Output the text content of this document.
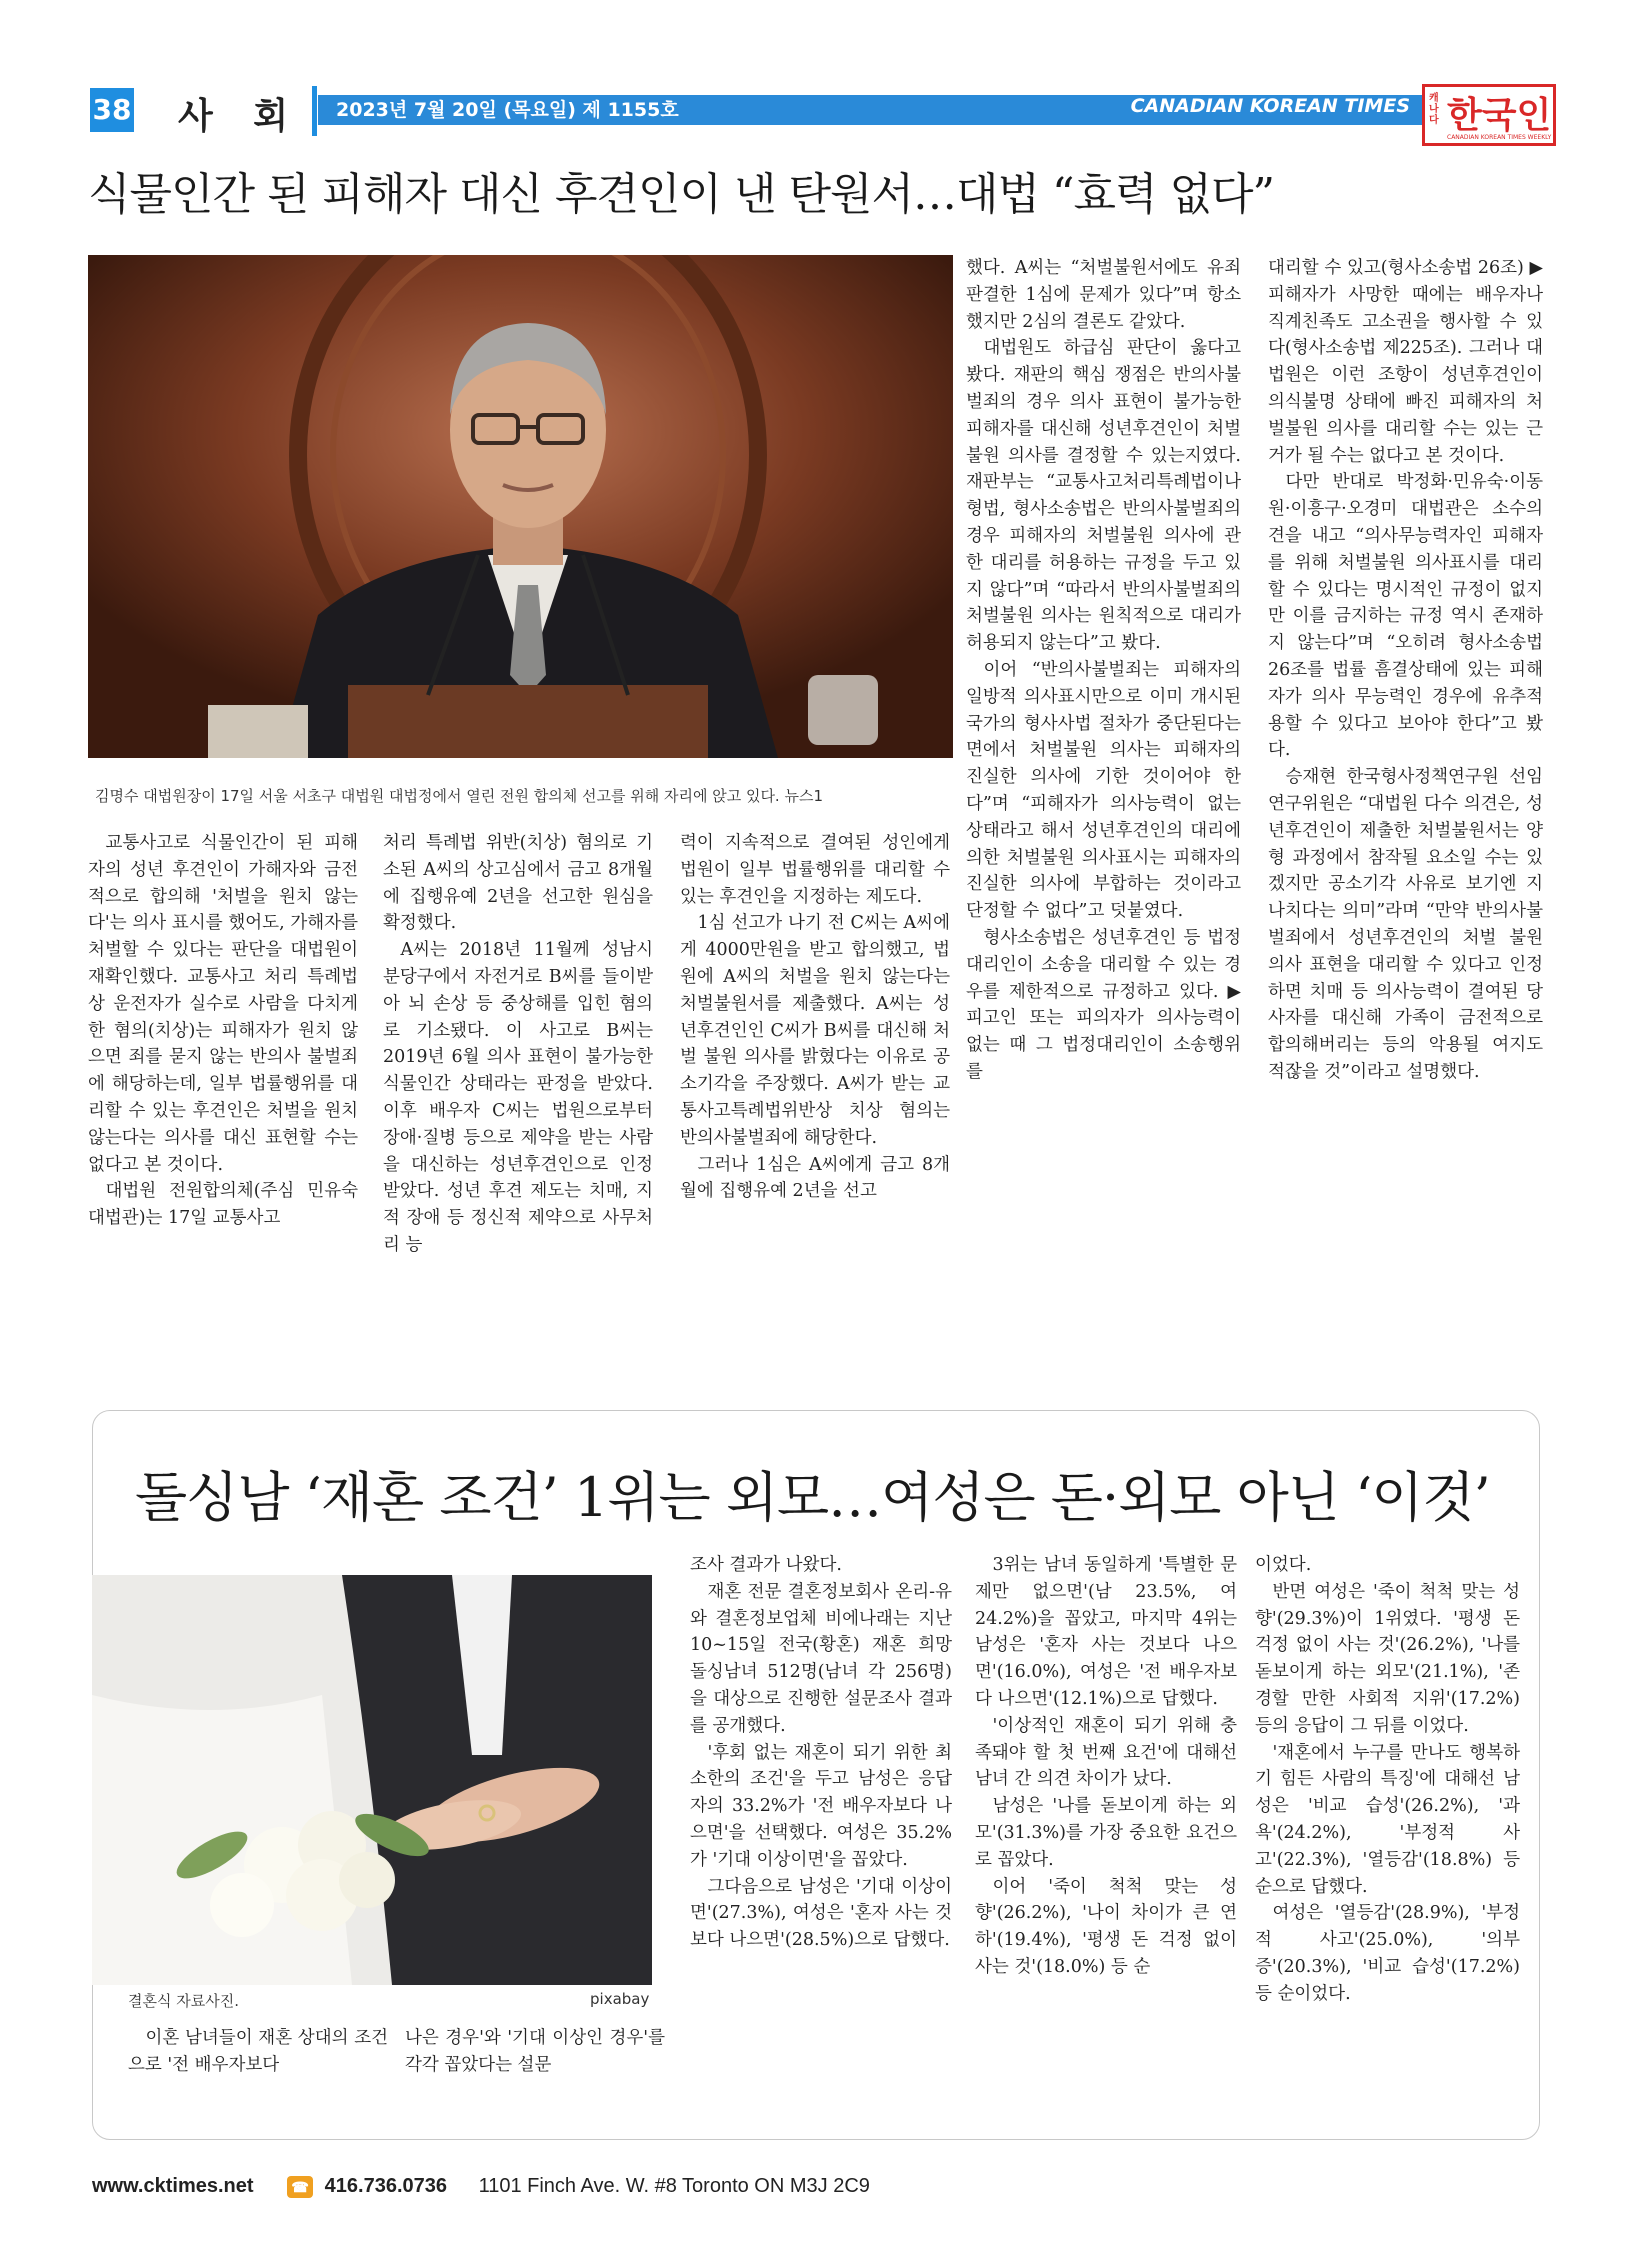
38 사 회 2023년 7월 20일 (목요일) 제 1155호	CANADIAN KOREAN TIMES 캐나다 한국인
CANADIAN KOREAN TIMES WEEKLY
식물인간 된 피해자 대신 후견인이 낸 탄원서…대법 “효력 없다”
김명수 대법원장이 17일 서울 서초구 대법원 대법정에서 열린 전원 합의체 선고를 위해 자리에 앉고 있다. 뉴스1

교통사고로 식물인간이 된 피해자의 성년 후견인이 가해자와 금전적으로 합의해 '처벌을 원치 않는다'는 의사 표시를 했어도, 가해자를 처벌할 수 있다는 판단을 대법원이 재확인했다. 교통사고 처리 특례법상 운전자가 실수로 사람을 다치게 한 혐의(치상)는 피해자가 원치 않으면 죄를 묻지 않는 반의사 불벌죄에 해당하는데, 일부 법률행위를 대리할 수 있는 후견인은 처벌을 원치 않는다는 의사를 대신 표현할 수는 없다고 본 것이다.

대법원 전원합의체(주심 민유숙 대법관)는 17일 교통사고

처리 특례법 위반(치상) 혐의로 기소된 A씨의 상고심에서 금고 8개월에 집행유예 2년을 선고한 원심을 확정했다.

A씨는 2018년 11월께 성남시 분당구에서 자전거로 B씨를 들이받아 뇌 손상 등 중상해를 입힌 혐의로 기소됐다. 이 사고로 B씨는 2019년 6월 의사 표현이 불가능한 식물인간 상태라는 판정을 받았다. 이후 배우자 C씨는 법원으로부터 장애·질병 등으로 제약을 받는 사람을 대신하는 성년후견인으로 인정받았다. 성년 후견 제도는 치매, 지적 장애 등 정신적 제약으로 사무처리 능

력이 지속적으로 결여된 성인에게 법원이 일부 법률행위를 대리할 수 있는 후견인을 지정하는 제도다.

1심 선고가 나기 전 C씨는 A씨에게 4000만원을 받고 합의했고, 법원에 A씨의 처벌을 원치 않는다는 처벌불원서를 제출했다. A씨는 성년후견인인 C씨가 B씨를 대신해 처벌 불원 의사를 밝혔다는 이유로 공소기각을 주장했다. A씨가 받는 교통사고특례법위반상 치상 혐의는 반의사불벌죄에 해당한다.

그러나 1심은 A씨에게 금고 8개월에 집행유예 2년을 선고

했다. A씨는 “처벌불원서에도 유죄 판결한 1심에 문제가 있다”며 항소했지만 2심의 결론도 같았다.

대법원도 하급심 판단이 옳다고 봤다. 재판의 핵심 쟁점은 반의사불벌죄의 경우 의사 표현이 불가능한 피해자를 대신해 성년후견인이 처벌 불원 의사를 결정할 수 있는지였다. 재판부는 “교통사고처리특례법이나 형법, 형사소송법은 반의사불벌죄의 경우 피해자의 처벌불원 의사에 관한 대리를 허용하는 규정을 두고 있지 않다”며 “따라서 반의사불벌죄의 처벌불원 의사는 원칙적으로 대리가 허용되지 않는다”고 봤다.

이어 “반의사불벌죄는 피해자의 일방적 의사표시만으로 이미 개시된 국가의 형사사법 절차가 중단된다는 면에서 처벌불원 의사는 피해자의 진실한 의사에 기한 것이어야 한다”며 “피해자가 의사능력이 없는 상태라고 해서 성년후견인의 대리에 의한 처벌불원 의사표시는 피해자의 진실한 의사에 부합하는 것이라고 단정할 수 없다”고 덧붙였다.

형사소송법은 성년후견인 등 법정대리인이 소송을 대리할 수 있는 경우를 제한적으로 규정하고 있다. ▶피고인 또는 피의자가 의사능력이 없는 때 그 법정대리인이 소송행위를

대리할 수 있고(형사소송법 26조) ▶피해자가 사망한 때에는 배우자나 직계친족도 고소권을 행사할 수 있다(형사소송법 제225조). 그러나 대법원은 이런 조항이 성년후견인이 의식불명 상태에 빠진 피해자의 처벌불원 의사를 대리할 수는 있는 근거가 될 수는 없다고 본 것이다.

다만 반대로 박정화·민유숙·이동원·이흥구·오경미 대법관은 소수의견을 내고 “의사무능력자인 피해자를 위해 처벌불원 의사표시를 대리할 수 있다는 명시적인 규정이 없지만 이를 금지하는 규정 역시 존재하지 않는다”며 “오히려 형사소송법 26조를 법률 흠결상태에 있는 피해자가 의사 무능력인 경우에 유추적용할 수 있다고 보아야 한다”고 봤다.

승재현 한국형사정책연구원 선임연구위원은 “대법원 다수 의견은, 성년후견인이 제출한 처벌불원서는 양형 과정에서 참작될 요소일 수는 있겠지만 공소기각 사유로 보기엔 지나치다는 의미”라며 “만약 반의사불벌죄에서 성년후견인의 처벌 불원 의사 표현을 대리할 수 있다고 인정하면 치매 등 의사능력이 결여된 당사자를 대신해 가족이 금전적으로 합의해버리는 등의 악용될 여지도 적잖을 것”이라고 설명했다.

돌싱남 ‘재혼 조건’ 1위는 외모…여성은 돈·외모 아닌 ‘이것’
결혼식 자료사진.	pixabay

이혼 남녀들이 재혼 상대의 조건으로 '전 배우자보다

나은 경우'와 '기대 이상인 경우'를 각각 꼽았다는 설문

조사 결과가 나왔다.

재혼 전문 결혼정보회사 온리-유와 결혼정보업체 비에나래는 지난 10~15일 전국(황혼) 재혼 희망 돌싱남녀 512명(남녀 각 256명)을 대상으로 진행한 설문조사 결과를 공개했다.

'후회 없는 재혼이 되기 위한 최소한의 조건'을 두고 남성은 응답자의 33.2%가 '전 배우자보다 나으면'을 선택했다. 여성은 35.2%가 '기대 이상이면'을 꼽았다.

그다음으로 남성은 '기대 이상이면'(27.3%), 여성은 '혼자 사는 것보다 나으면'(28.5%)으로 답했다.

3위는 남녀 동일하게 '특별한 문제만 없으면'(남 23.5%, 여 24.2%)을 꼽았고, 마지막 4위는 남성은 '혼자 사는 것보다 나으면'(16.0%), 여성은 '전 배우자보다 나으면'(12.1%)으로 답했다.

'이상적인 재혼이 되기 위해 충족돼야 할 첫 번째 요건'에 대해선 남녀 간 의견 차이가 났다.

남성은 '나를 돋보이게 하는 외모'(31.3%)를 가장 중요한 요건으로 꼽았다.

이어 '죽이 척척 맞는 성향'(26.2%), '나이 차이가 큰 연하'(19.4%), '평생 돈 걱정 없이 사는 것'(18.0%) 등 순

이었다.

반면 여성은 '죽이 척척 맞는 성향'(29.3%)이 1위였다. '평생 돈 걱정 없이 사는 것'(26.2%), '나를 돋보이게 하는 외모'(21.1%), '존경할 만한 사회적 지위'(17.2%) 등의 응답이 그 뒤를 이었다.

'재혼에서 누구를 만나도 행복하기 힘든 사람의 특징'에 대해선 남성은 '비교 습성'(26.2%), '과욕'(24.2%), '부정적 사고'(22.3%), '열등감'(18.8%) 등 순으로 답했다.

여성은 '열등감'(28.9%), '부정적 사고'(25.0%), '의부증'(20.3%), '비교 습성'(17.2%) 등 순이었다.

www.cktimes.net	☎ 416.736.0736 1101 Finch Ave. W. #8 Toronto ON M3J 2C9
